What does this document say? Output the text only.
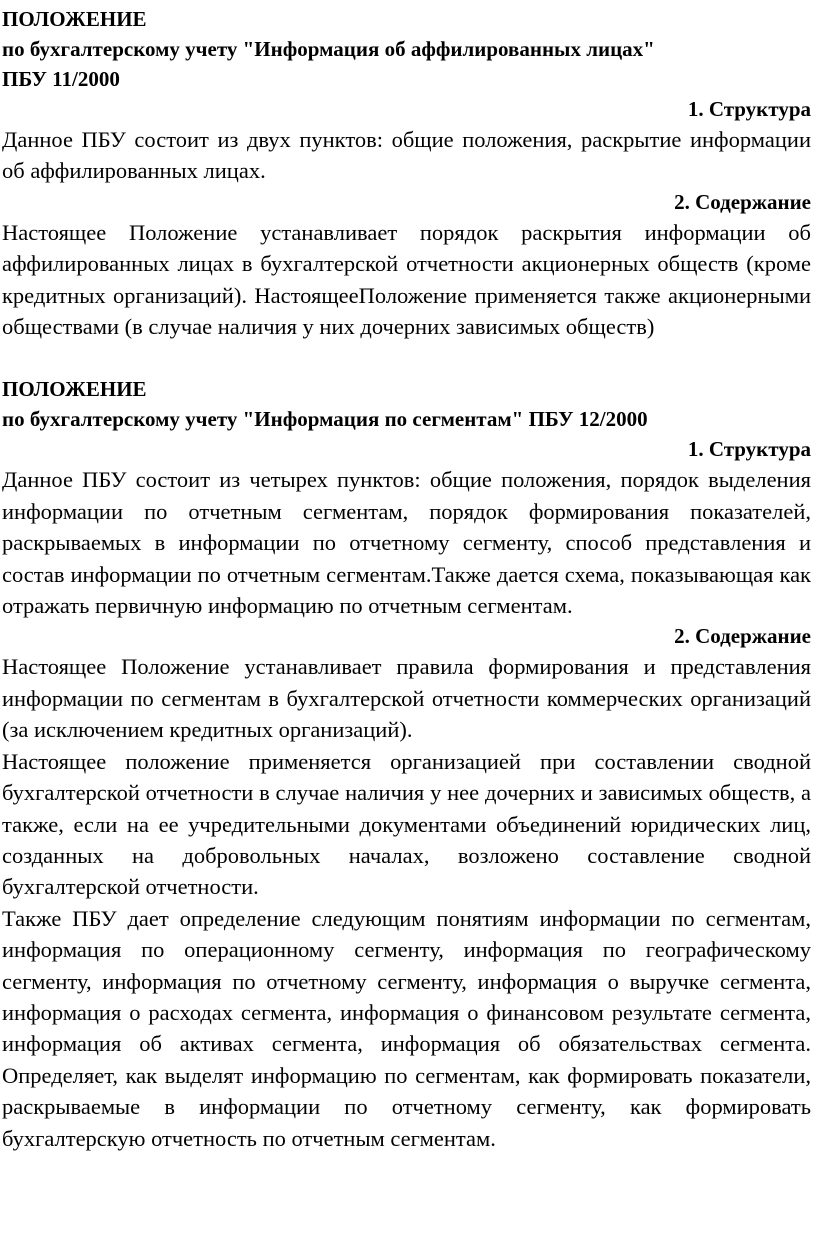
ПОЛОЖЕНИЕ

по бухгалтерскому учету "Информация об аффилированных лицах"

ПБУ 11/2000

1. Структура

Данное ПБУ состоит из двух пунктов: общие положения, раскрытие информации об аффилированных лицах.

2. Содержание

Настоящее Положение устанавливает порядок раскрытия информации об аффилированных лицах в бухгалтерской отчетности акционерных обществ (кроме кредитных организаций). НастоящееПоложение применяется также акционерными обществами (в случае наличия у них дочерних зависимых обществ)

ПОЛОЖЕНИЕ

по бухгалтерскому учету "Информация по сегментам" ПБУ 12/2000

1. Структура

Данное ПБУ состоит из четырех пунктов: общие положения, порядок выделения информации по отчетным сегментам, порядок формирования показателей, раскрываемых в информации по отчетному сегменту, способ представления и состав информации по отчетным сегментам.Также дается схема, показывающая как отражать первичную информацию по отчетным сегментам.

2. Содержание

Настоящее Положение устанавливает правила формирования и представления информации по сегментам в бухгалтерской отчетности коммерческих организаций (за исключением кредитных организаций).

Настоящее положение применяется организацией при составлении сводной бухгалтерской отчетности в случае наличия у нее дочерних и зависимых обществ, а также, если на ее учредительными документами объединений юридических лиц, созданных на добровольных началах, возложено составление сводной бухгалтерской отчетности.

Также ПБУ дает определение следующим понятиям информации по сегментам, информация по операционному сегменту, информация по географическому сегменту, информация по отчетному сегменту, информация о выручке сегмента, информация о расходах сегмента, информация о финансовом результате сегмента, информация об активах сегмента, информация об обязательствах сегмента. Определяет, как выделят информацию по сегментам, как формировать показатели, раскрываемые в информации по отчетному сегменту, как формировать бухгалтерскую отчетность по отчетным сегментам.
